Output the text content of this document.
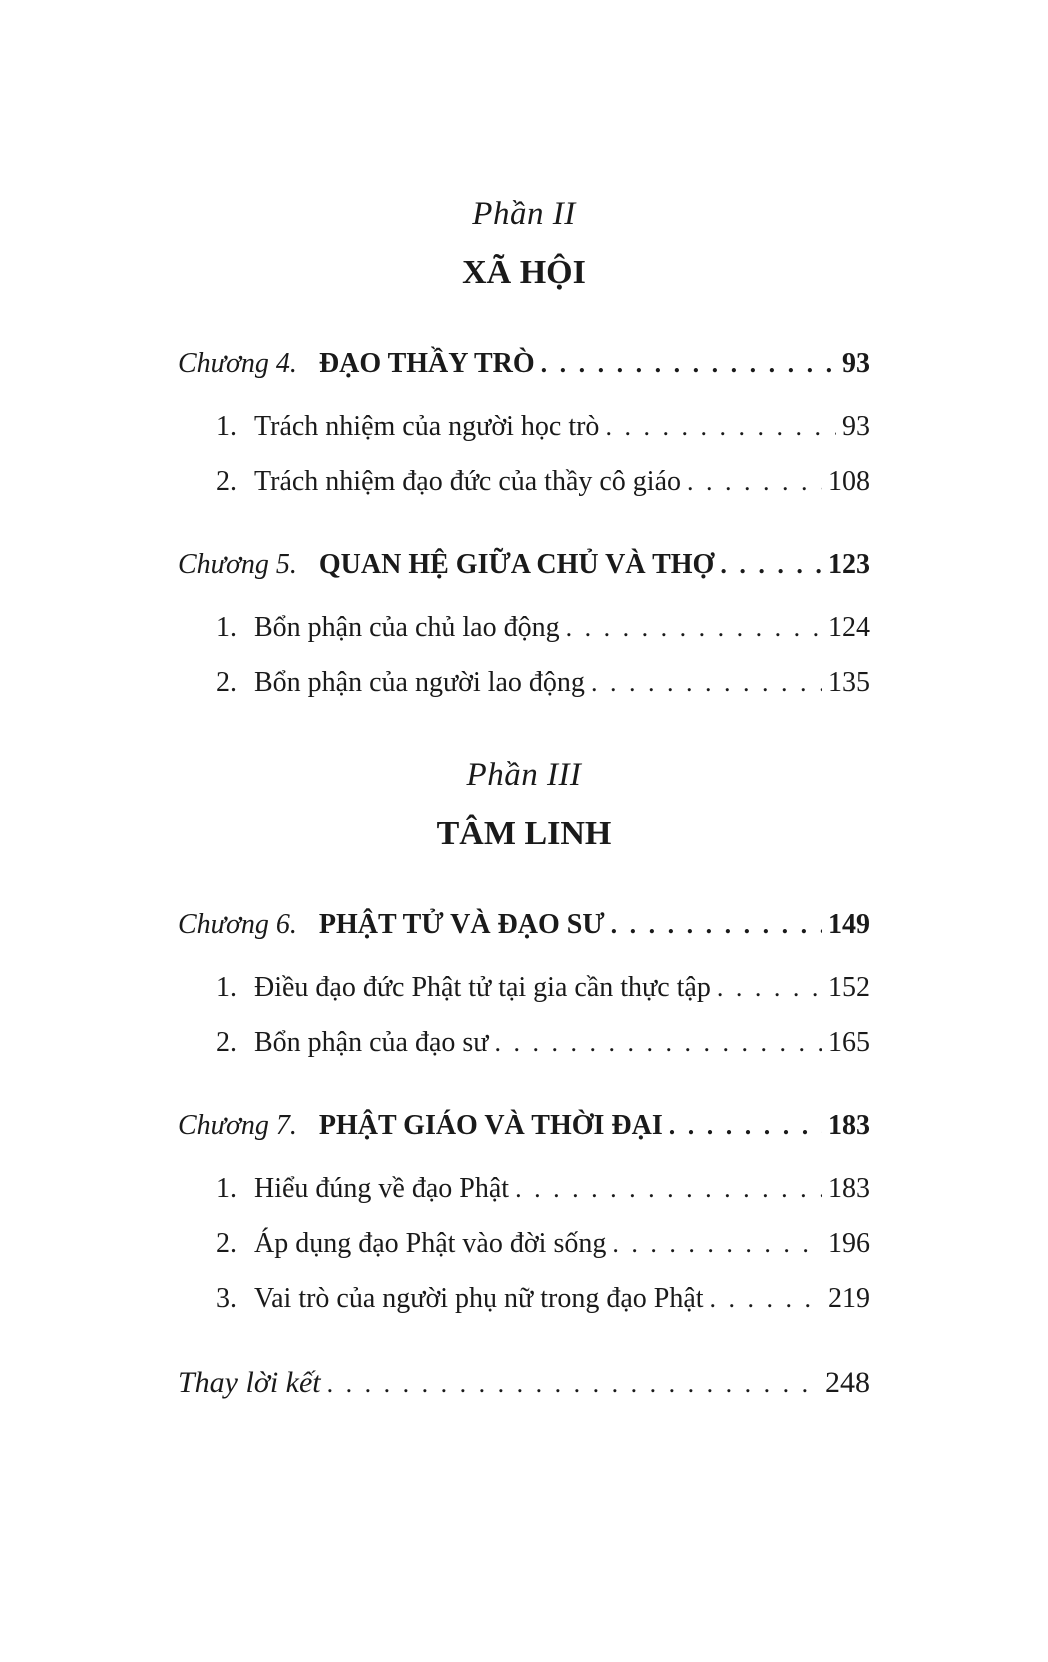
Phần II
XÃ HỘI
Chương 4. ĐẠO THẦY TRÒ . . .	93
1. Trách nhiệm của người học trò . . .	93
2. Trách nhiệm đạo đức của thầy cô giáo . . .	108
Chương 5. QUAN HỆ GIỮA CHỦ VÀ THỢ . . .	123
1. Bổn phận của chủ lao động . . .	124
2. Bổn phận của người lao động . . .	135
Phần III
TÂM LINH
Chương 6. PHẬT TỬ VÀ ĐẠO SƯ . . .	149
1. Điều đạo đức Phật tử tại gia cần thực tập . . .	152
2. Bổn phận của đạo sư . . .	165
Chương 7. PHẬT GIÁO VÀ THỜI ĐẠI . . .	183
1. Hiểu đúng về đạo Phật . . .	183
2. Áp dụng đạo Phật vào đời sống . . .	196
3. Vai trò của người phụ nữ trong đạo Phật . . .	219
Thay lời kết . . .	248
